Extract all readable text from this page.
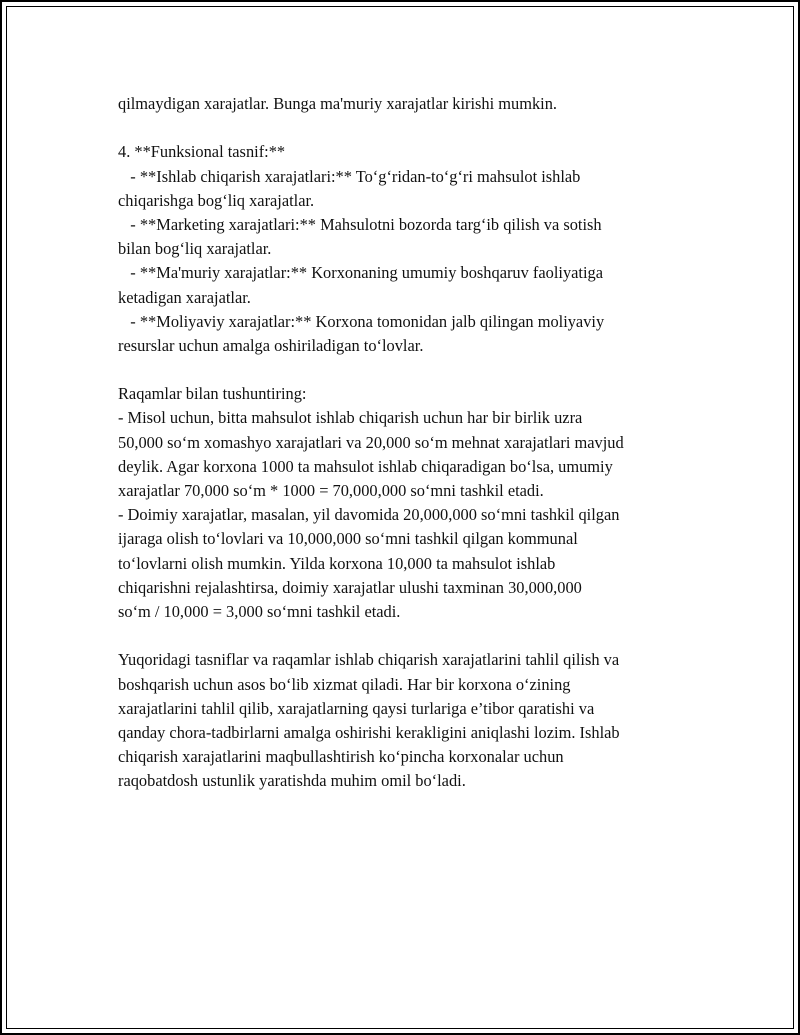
qilmaydigan xarajatlar. Bunga ma'muriy xarajatlar kirishi mumkin.
4. **Funksional tasnif:**
- **Ishlab chiqarish xarajatlari:** To‘g‘ridan-to‘g‘ri mahsulot ishlab
chiqarishga bog‘liq xarajatlar.
- **Marketing xarajatlari:** Mahsulotni bozorda targ‘ib qilish va sotish
bilan bog‘liq xarajatlar.
- **Ma'muriy xarajatlar:** Korxonaning umumiy boshqaruv faoliyatiga
ketadigan xarajatlar.
- **Moliyaviy xarajatlar:** Korxona tomonidan jalb qilingan moliyaviy
resurslar uchun amalga oshiriladigan to‘lovlar.
Raqamlar bilan tushuntiring:
- Misol uchun, bitta mahsulot ishlab chiqarish uchun har bir birlik uzra
50,000 so‘m xomashyo xarajatlari va 20,000 so‘m mehnat xarajatlari mavjud
deylik. Agar korxona 1000 ta mahsulot ishlab chiqaradigan bo‘lsa, umumiy
xarajatlar 70,000 so‘m * 1000 = 70,000,000 so‘mni tashkil etadi.
- Doimiy xarajatlar, masalan, yil davomida 20,000,000 so‘mni tashkil qilgan
ijaraga olish to‘lovlari va 10,000,000 so‘mni tashkil qilgan kommunal
to‘lovlarni olish mumkin. Yilda korxona 10,000 ta mahsulot ishlab
chiqarishni rejalashtirsa, doimiy xarajatlar ulushi taxminan 30,000,000
so‘m / 10,000 = 3,000 so‘mni tashkil etadi.
Yuqoridagi tasniflar va raqamlar ishlab chiqarish xarajatlarini tahlil qilish va
boshqarish uchun asos bo‘lib xizmat qiladi. Har bir korxona o‘zining
xarajatlarini tahlil qilib, xarajatlarning qaysi turlariga e’tibor qaratishi va
qanday chora-tadbirlarni amalga oshirishi kerakligini aniqlashi lozim. Ishlab
chiqarish xarajatlarini maqbullashtirish ko‘pincha korxonalar uchun
raqobatdosh ustunlik yaratishda muhim omil bo‘ladi.
